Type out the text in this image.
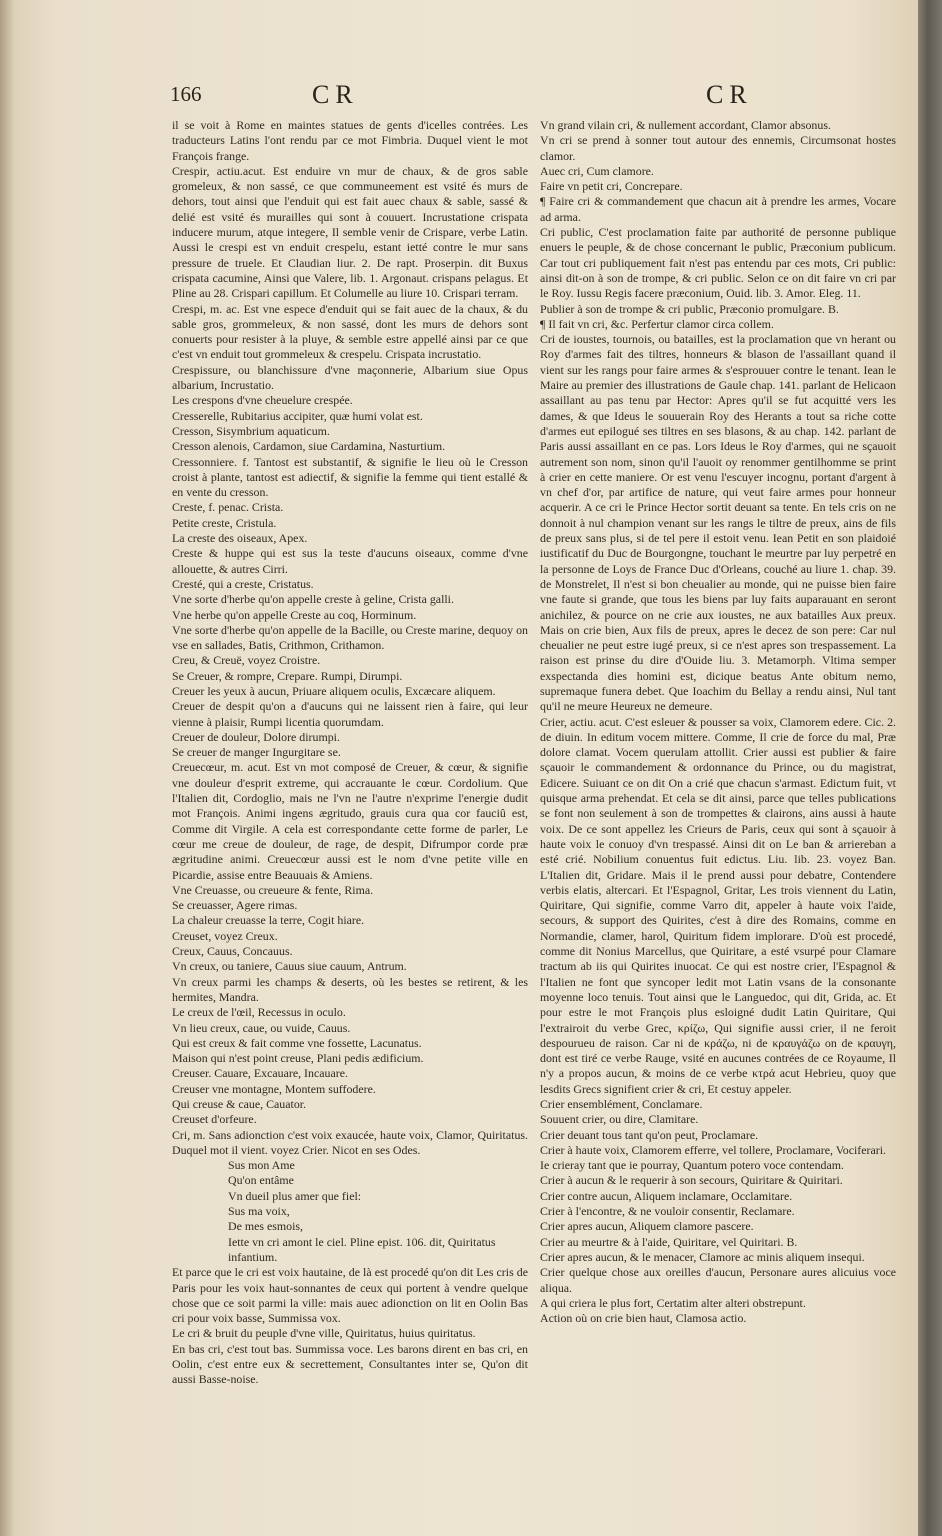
166	CR	CR

il se voit à Rome en maintes statues de gents d'icelles contrées. Les traducteurs Latins l'ont rendu par ce mot Fimbria. Duquel vient le mot François frange.

Crespir, actiu.acut. Est enduire vn mur de chaux, & de gros sable gromeleux, & non sassé, ce que communeement est vsité és murs de dehors, tout ainsi que l'enduit qui est fait auec chaux & sable, sassé & delié est vsité és murailles qui sont à couuert. Incrustatione crispata inducere murum, atque integere, Il semble venir de Crispare, verbe Latin. Aussi le crespi est vn enduit crespelu, estant ietté contre le mur sans pressure de truele. Et Claudian liur. 2. De rapt. Proserpin. dit Buxus crispata cacumine, Ainsi que Valere, lib. 1. Argonaut. crispans pelagus. Et Pline au 28. Crispari capillum. Et Columelle au liure 10. Crispari terram.

Crespi, m. ac. Est vne espece d'enduit qui se fait auec de la chaux, & du sable gros, grommeleux, & non sassé, dont les murs de dehors sont conuerts pour resister à la pluye, & semble estre appellé ainsi par ce que c'est vn enduit tout grommeleux & crespelu. Crispata incrustatio.

Crespissure, ou blanchissure d'vne maçonnerie, Albarium siue Opus albarium, Incrustatio.

Les crespons d'vne cheuelure crespée.

Cresserelle, Rubitarius accipiter, quæ humi volat est.

Cresson, Sisymbrium aquaticum.

Cresson alenois, Cardamon, siue Cardamina, Nasturtium.

Cressonniere. f. Tantost est substantif, & signifie le lieu où le Cresson croist à plante, tantost est adiectif, & signifie la femme qui tient estallé & en vente du cresson.

Creste, f. penac. Crista.

Petite creste, Cristula.

La creste des oiseaux, Apex.

Creste & huppe qui est sus la teste d'aucuns oiseaux, comme d'vne allouette, & autres Cirri.

Cresté, qui a creste, Cristatus.

Vne sorte d'herbe qu'on appelle creste à geline, Crista galli.

Vne herbe qu'on appelle Creste au coq, Horminum.

Vne sorte d'herbe qu'on appelle de la Bacille, ou Creste marine, dequoy on vse en sallades, Batis, Crithmon, Crithamon.

Creu, & Creuë, voyez Croistre.

Se Creuer, & rompre, Crepare. Rumpi, Dirumpi.

Creuer les yeux à aucun, Priuare aliquem oculis, Excæcare aliquem.

Creuer de despit qu'on a d'aucuns qui ne laissent rien à faire, qui leur vienne à plaisir, Rumpi licentia quorumdam.

Creuer de douleur, Dolore dirumpi.

Se creuer de manger Ingurgitare se.

Creuecœur, m. acut. Est vn mot composé de Creuer, & cœur, & signifie vne douleur d'esprit extreme, qui accrauante le cœur. Cordolium. Que l'Italien dit, Cordoglio, mais ne l'vn ne l'autre n'exprime l'energie dudit mot François. Animi ingens ægritudo, grauis cura qua cor fauciû est, Comme dit Virgile. A cela est correspondante cette forme de parler, Le cœur me creue de douleur, de rage, de despit, Difrumpor corde præ ægritudine animi. Creuecœur aussi est le nom d'vne petite ville en Picardie, assise entre Beauuais & Amiens.

Vne Creuasse, ou creueure & fente, Rima.

Se creuasser, Agere rimas.

La chaleur creuasse la terre, Cogit hiare.

Creuset, voyez Creux.

Creux, Cauus, Concauus.

Vn creux, ou taniere, Cauus siue cauum, Antrum.

Vn creux parmi les champs & deserts, où les bestes se retirent, & les hermites, Mandra.

Le creux de l'œil, Recessus in oculo.

Vn lieu creux, caue, ou vuide, Cauus.

Qui est creux & fait comme vne fossette, Lacunatus.

Maison qui n'est point creuse, Plani pedis ædificium.

Creuser. Cauare, Excauare, Incauare.

Creuser vne montagne, Montem suffodere.

Qui creuse & caue, Cauator.

Creuset d'orfeure.

Cri, m. Sans adionction c'est voix exaucée, haute voix, Clamor, Quiritatus. Duquel mot il vient. voyez Crier. Nicot en ses Odes.

Sus mon Ame

Qu'on entâme

Vn dueil plus amer que fiel:

Sus ma voix,

De mes esmois,

Iette vn cri amont le ciel. Pline epist. 106. dit, Quiritatus infantium.

Et parce que le cri est voix hautaine, de là est procedé qu'on dit Les cris de Paris pour les voix haut-sonnantes de ceux qui portent à vendre quelque chose que ce soit parmi la ville: mais auec adionction on lit en Oolin Bas cri pour voix basse, Summissa vox.

Le cri & bruit du peuple d'vne ville, Quiritatus, huius quiritatus.

En bas cri, c'est tout bas. Summissa voce. Les barons dirent en bas cri, en Oolin, c'est entre eux & secrettement, Consultantes inter se, Qu'on dit aussi Basse-noise.

Vn grand vilain cri, & nullement accordant, Clamor absonus.

Vn cri se prend à sonner tout autour des ennemis, Circumsonat hostes clamor.

Auec cri, Cum clamore.

Faire vn petit cri, Concrepare.

¶ Faire cri & commandement que chacun ait à prendre les armes, Vocare ad arma.

Cri public, C'est proclamation faite par authorité de personne publique enuers le peuple, & de chose concernant le public, Præconium publicum. Car tout cri publiquement fait n'est pas entendu par ces mots, Cri public: ainsi dit-on à son de trompe, & cri public. Selon ce on dit faire vn cri par le Roy. Iussu Regis facere præconium, Ouid. lib. 3. Amor. Eleg. 11.

Publier à son de trompe & cri public, Præconio promulgare. B.

¶ Il fait vn cri, &c. Perfertur clamor circa collem.

Cri de ioustes, tournois, ou batailles, est la proclamation que vn herant ou Roy d'armes fait des tiltres, honneurs & blason de l'assaillant quand il vient sur les rangs pour faire armes & s'esprouuer contre le tenant. Iean le Maire au premier des illustrations de Gaule chap. 141. parlant de Helicaon assaillant au pas tenu par Hector: Apres qu'il se fut acquitté vers les dames, & que Ideus le souuerain Roy des Herants a tout sa riche cotte d'armes eut epilogué ses tiltres en ses blasons, & au chap. 142. parlant de Paris aussi assaillant en ce pas. Lors Ideus le Roy d'armes, qui ne sçauoit autrement son nom, sinon qu'il l'auoit oy renommer gentilhomme se print à crier en cette maniere. Or est venu l'escuyer incognu, portant d'argent à vn chef d'or, par artifice de nature, qui veut faire armes pour honneur acquerir. A ce cri le Prince Hector sortit deuant sa tente. En tels cris on ne donnoit à nul champion venant sur les rangs le tiltre de preux, ains de fils de preux sans plus, si de tel pere il estoit venu. Iean Petit en son plaidoié iustificatif du Duc de Bourgongne, touchant le meurtre par luy perpetré en la personne de Loys de France Duc d'Orleans, couché au liure 1. chap. 39. de Monstrelet, Il n'est si bon cheualier au monde, qui ne puisse bien faire vne faute si grande, que tous les biens par luy faits auparauant en seront anichilez, & pource on ne crie aux ioustes, ne aux batailles Aux preux. Mais on crie bien, Aux fils de preux, apres le decez de son pere: Car nul cheualier ne peut estre iugé preux, si ce n'est apres son trespassement. La raison est prinse du dire d'Ouide liu. 3. Metamorph. Vltima semper exspectanda dies homini est, dicique beatus Ante obitum nemo, supremaque funera debet. Que Ioachim du Bellay a rendu ainsi, Nul tant qu'il ne meure Heureux ne demeure.

Crier, actiu. acut. C'est esleuer & pousser sa voix, Clamorem edere. Cic. 2. de diuin. In editum vocem mittere. Comme, Il crie de force du mal, Præ dolore clamat. Vocem querulam attollit. Crier aussi est publier & faire sçauoir le commandement & ordonnance du Prince, ou du magistrat, Edicere. Suiuant ce on dit On a crié que chacun s'armast. Edictum fuit, vt quisque arma prehendat. Et cela se dit ainsi, parce que telles publications se font non seulement à son de trompettes & clairons, ains aussi à haute voix. De ce sont appellez les Crieurs de Paris, ceux qui sont à sçauoir à haute voix le conuoy d'vn trespassé. Ainsi dit on Le ban & arriereban a esté crié. Nobilium conuentus fuit edictus. Liu. lib. 23. voyez Ban. L'Italien dit, Gridare. Mais il le prend aussi pour debatre, Contendere verbis elatis, altercari. Et l'Espagnol, Gritar, Les trois viennent du Latin, Quiritare, Qui signifie, comme Varro dit, appeler à haute voix l'aide, secours, & support des Quirites, c'est à dire des Romains, comme en Normandie, clamer, harol, Quiritum fidem implorare. D'où est procedé, comme dit Nonius Marcellus, que Quiritare, a esté vsurpé pour Clamare tractum ab iis qui Quirites inuocat. Ce qui est nostre crier, l'Espagnol & l'Italien ne font que syncoper ledit mot Latin vsans de la consonante moyenne loco tenuis. Tout ainsi que le Languedoc, qui dit, Grida, ac. Et pour estre le mot François plus esloigné dudit Latin Quiritare, Qui l'extrairoit du verbe Grec, κρίζω, Qui signifie aussi crier, il ne feroit despourueu de raison. Car ni de κράζω, ni de κραυγάζω on de κραυγη, dont est tiré ce verbe Rauge, vsité en aucunes contrées de ce Royaume, Il n'y a propos aucun, & moins de ce verbe κτρά acut Hebrieu, quoy que lesdits Grecs signifient crier & cri, Et cestuy appeler.

Crier ensemblément, Conclamare.

Souuent crier, ou dire, Clamitare.

Crier deuant tous tant qu'on peut, Proclamare.

Crier à haute voix, Clamorem efferre, vel tollere, Proclamare, Vociferari.

Ie crieray tant que ie pourray, Quantum potero voce contendam.

Crier à aucun & le requerir à son secours, Quiritare & Quiritari.

Crier contre aucun, Aliquem inclamare, Occlamitare.

Crier à l'encontre, & ne vouloir consentir, Reclamare.

Crier apres aucun, Aliquem clamore pascere.

Crier au meurtre & à l'aide, Quiritare, vel Quiritari. B.

Crier apres aucun, & le menacer, Clamore ac minis aliquem insequi.

Crier quelque chose aux oreilles d'aucun, Personare aures alicuius voce aliqua.

A qui criera le plus fort, Certatim alter alteri obstrepunt.

Action où on crie bien haut, Clamosa actio.
